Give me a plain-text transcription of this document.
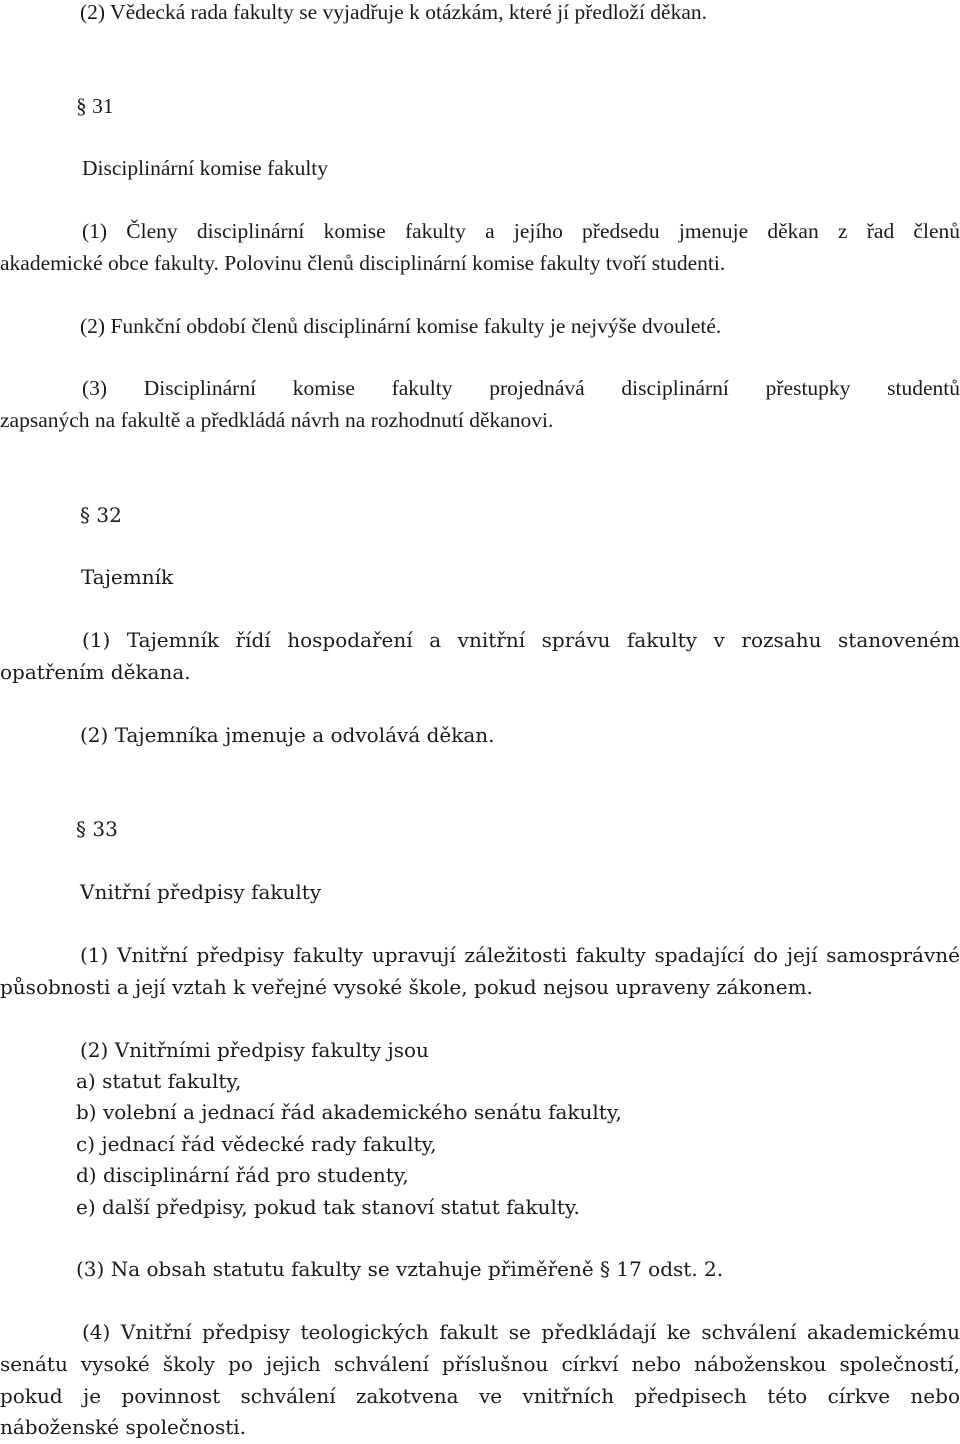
(2) Vědecká rada fakulty se vyjadřuje k otázkám, které jí předloží děkan.
§ 31
Disciplinární komise fakulty
(1) Členy disciplinární komise fakulty a jejího předsedu jmenuje děkan z řad členů
akademické obce fakulty. Polovinu členů disciplinární komise fakulty tvoří studenti.
(2) Funkční období členů disciplinární komise fakulty je nejvýše dvouleté.
(3) Disciplinární komise fakulty projednává disciplinární přestupky studentů
zapsaných na fakultě a předkládá návrh na rozhodnutí děkanovi.
§ 32
Tajemník
(1) Tajemník řídí hospodaření a vnitřní správu fakulty v rozsahu stanoveném
opatřením děkana.
(2) Tajemníka jmenuje a odvolává děkan.
§ 33
Vnitřní předpisy fakulty
(1) Vnitřní předpisy fakulty upravují záležitosti fakulty spadající do její samosprávné
působnosti a její vztah k veřejné vysoké škole, pokud nejsou upraveny zákonem.
(2) Vnitřními předpisy fakulty jsou
a) statut fakulty,
b) volební a jednací řád akademického senátu fakulty,
c) jednací řád vědecké rady fakulty,
d) disciplinární řád pro studenty,
e) další předpisy, pokud tak stanoví statut fakulty.
(3) Na obsah statutu fakulty se vztahuje přiměřeně § 17 odst. 2.
(4) Vnitřní předpisy teologických fakult se předkládají ke schválení akademickému
senátu vysoké školy po jejich schválení příslušnou církví nebo náboženskou společností,
pokud je povinnost schválení zakotvena ve vnitřních předpisech této církve nebo
náboženské společnosti.
